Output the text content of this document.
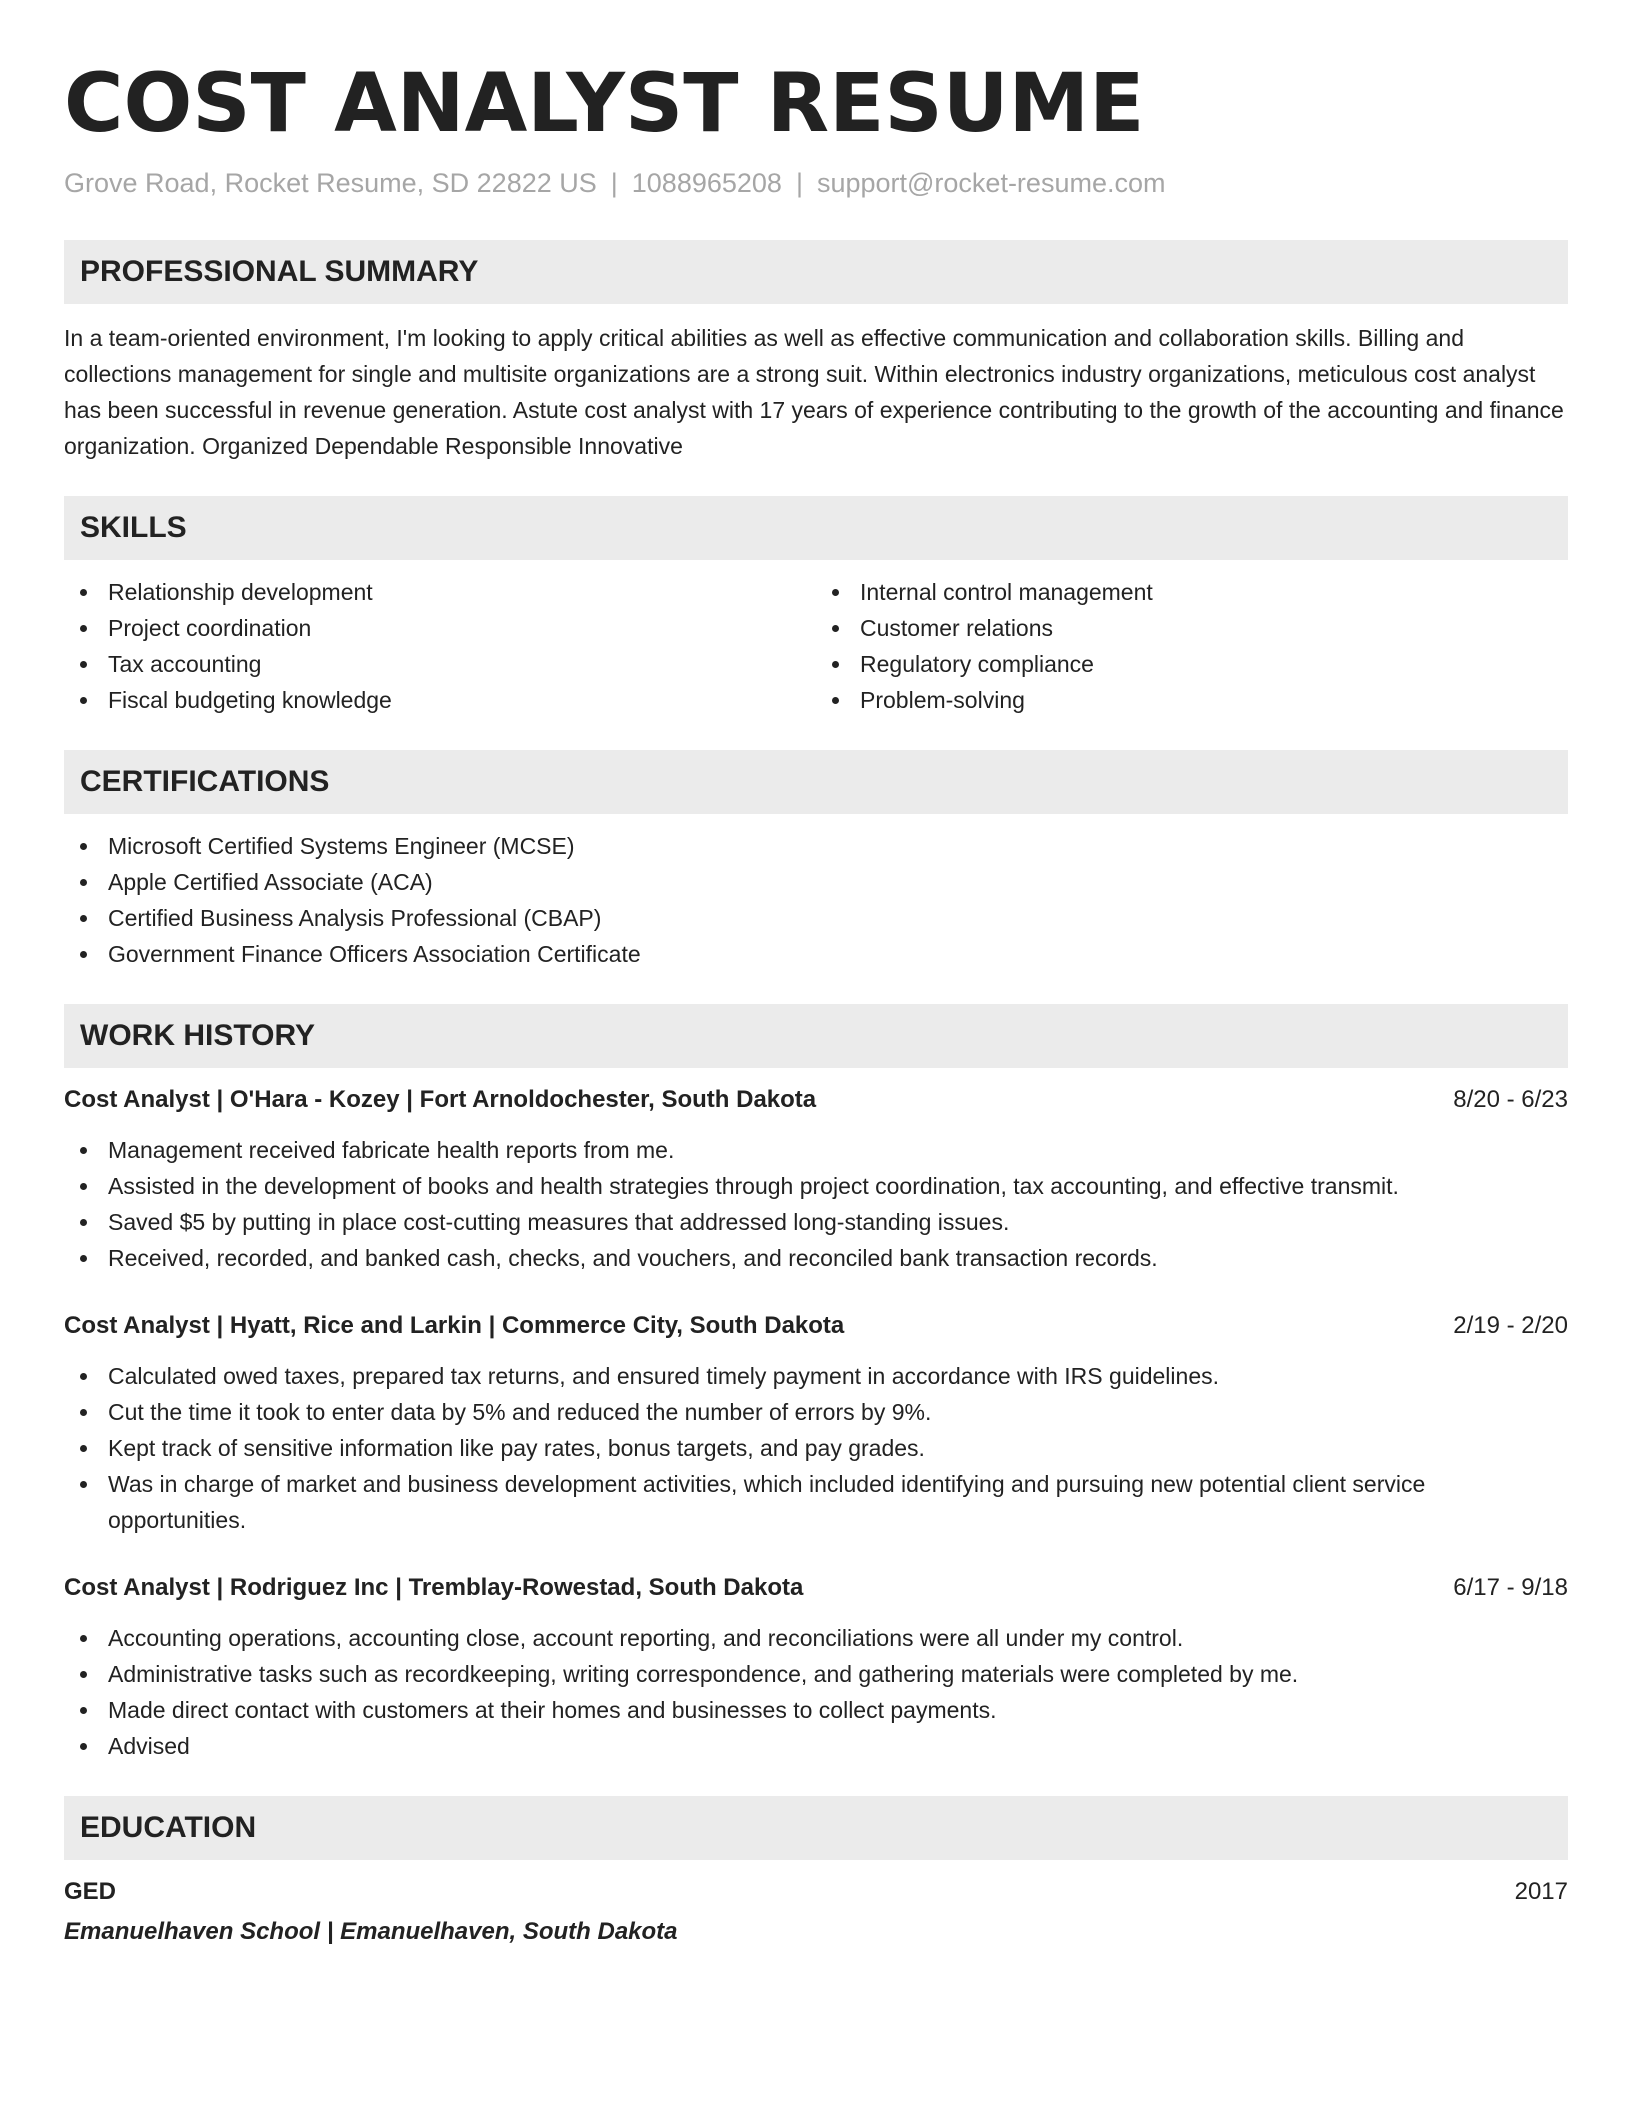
COST ANALYST RESUME
Grove Road, Rocket Resume, SD 22822 US | 1088965208 | support@rocket-resume.com
PROFESSIONAL SUMMARY

In a team-oriented environment, I'm looking to apply critical abilities as well as effective communication and collaboration skills. Billing and collections management for single and multisite organizations are a strong suit. Within electronics industry organizations, meticulous cost analyst has been successful in revenue generation. Astute cost analyst with 17 years of experience contributing to the growth of the accounting and finance organization. Organized Dependable Responsible Innovative

SKILLS
Relationship development
Project coordination
Tax accounting
Fiscal budgeting knowledge
Internal control management
Customer relations
Regulatory compliance
Problem-solving
CERTIFICATIONS
Microsoft Certified Systems Engineer (MCSE)
Apple Certified Associate (ACA)
Certified Business Analysis Professional (CBAP)
Government Finance Officers Association Certificate
WORK HISTORY
Cost Analyst | O'Hara - Kozey | Fort Arnoldochester, South Dakota	8/20 - 6/23
Management received fabricate health reports from me.
Assisted in the development of books and health strategies through project coordination, tax accounting, and effective transmit.
Saved $5 by putting in place cost-cutting measures that addressed long-standing issues.
Received, recorded, and banked cash, checks, and vouchers, and reconciled bank transaction records.
Cost Analyst | Hyatt, Rice and Larkin | Commerce City, South Dakota	2/19 - 2/20
Calculated owed taxes, prepared tax returns, and ensured timely payment in accordance with IRS guidelines.
Cut the time it took to enter data by 5% and reduced the number of errors by 9%.
Kept track of sensitive information like pay rates, bonus targets, and pay grades.
Was in charge of market and business development activities, which included identifying and pursuing new potential client service opportunities.
Cost Analyst | Rodriguez Inc | Tremblay-Rowestad, South Dakota	6/17 - 9/18
Accounting operations, accounting close, account reporting, and reconciliations were all under my control.
Administrative tasks such as recordkeeping, writing correspondence, and gathering materials were completed by me.
Made direct contact with customers at their homes and businesses to collect payments.
Advised
EDUCATION
GED	2017
Emanuelhaven School | Emanuelhaven, South Dakota
